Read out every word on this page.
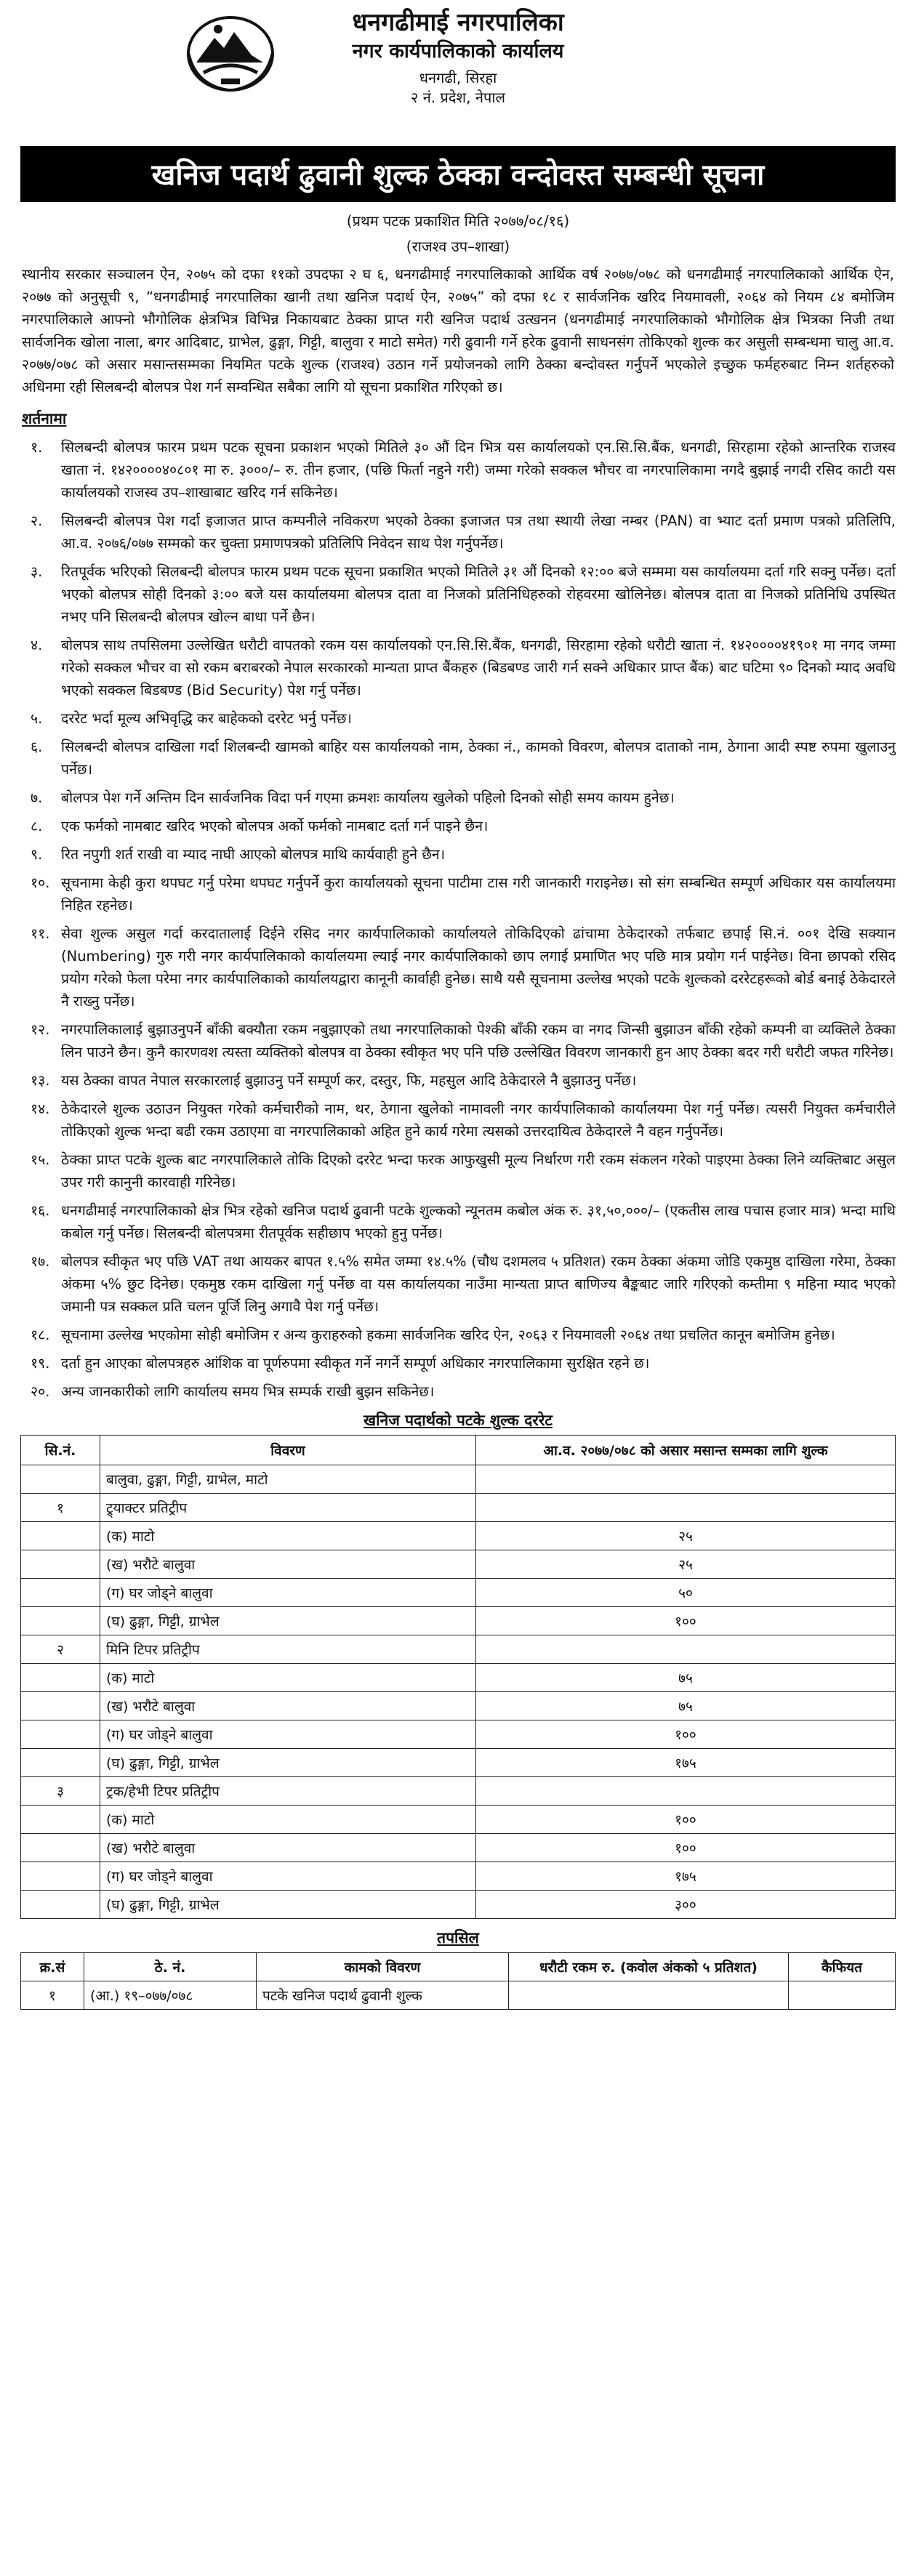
धनगढीमाई नगरपालिका
नगर कार्यपालिकाको कार्यालय
धनगढी, सिरहा
२ नं. प्रदेश, नेपाल
खनिज पदार्थ ढुवानी शुल्क ठेक्का वन्दोवस्त सम्बन्धी सूचना
(प्रथम पटक प्रकाशित मिति २०७७/०८/१६)
(राजश्व उप–शाखा)

स्थानीय सरकार सञ्चालन ऐन, २०७५ को दफा ११को उपदफा २ घ ६, धनगढीमाई नगरपालिकाको आर्थिक वर्ष २०७७/०७८ को धनगढीमाई नगरपालिकाको आर्थिक ऐन, २०७७ को अनुसूची ९, “धनगढीमाई नगरपालिका खानी तथा खनिज पदार्थ ऐन, २०७५” को दफा १८ र सार्वजनिक खरिद नियमावली, २०६४ को नियम ८४ बमोजिम नगरपालिकाले आफ्नो भौगोलिक क्षेत्रभित्र विभिन्न निकायबाट ठेक्का प्राप्त गरी खनिज पदार्थ उत्खनन (धनगढीमाई नगरपालिकाको भौगोलिक क्षेत्र भित्रका निजी तथा सार्वजनिक खोला नाला, बगर आदिबाट, ग्राभेल, ढुङ्गा, गिट्टी, बालुवा र माटो समेत) गरी ढुवानी गर्ने हरेक ढुवानी साधनसंग तोकिएको शुल्क कर असुली सम्बन्धमा चालु आ.व. २०७७/०७८ को असार मसान्तसम्मका नियमित पटके शुल्क (राजश्व) उठान गर्ने प्रयोजनको लागि ठेक्का बन्दोवस्त गर्नुपर्ने भएकोले इच्छुक फर्महरुबाट निम्न शर्तहरुको अधिनमा रही सिलबन्दी बोलपत्र पेश गर्न सम्वन्धित सबैका लागि यो सूचना प्रकाशित गरिएको छ।

शर्तनामा
१.	सिलबन्दी बोलपत्र फारम प्रथम पटक सूचना प्रकाशन भएको मितिले ३० औं दिन भित्र यस कार्यालयको एन.सि.सि.बैंक, धनगढी, सिरहामा रहेको आन्तरिक राजस्व खाता नं. १४२००००४०८०१ मा रु. ३०००/– रु. तीन हजार, (पछि फिर्ता नहुने गरी) जम्मा गरेको सक्कल भौचर वा नगरपालिकामा नगदै बुझाई नगदी रसिद काटी यस कार्यालयको राजस्व उप–शाखाबाट खरिद गर्न सकिनेछ।
२.	सिलबन्दी बोलपत्र पेश गर्दा इजाजत प्राप्त कम्पनीले नविकरण भएको ठेक्का इजाजत पत्र तथा स्थायी लेखा नम्बर (PAN) वा भ्याट दर्ता प्रमाण पत्रको प्रतिलिपि, आ.व. २०७६/०७७ सम्मको कर चुक्ता प्रमाणपत्रको प्रतिलिपि निवेदन साथ पेश गर्नुपर्नेछ।
३.	रितपूर्वक भरिएको सिलबन्दी बोलपत्र फारम प्रथम पटक सूचना प्रकाशित भएको मितिले ३१ औं दिनको १२:०० बजे सम्ममा यस कार्यालयमा दर्ता गरि सक्नु पर्नेछ। दर्ता भएको बोलपत्र सोही दिनको ३:०० बजे यस कार्यालयमा बोलपत्र दाता वा निजको प्रतिनिधिहरुको रोहवरमा खोलिनेछ। बोलपत्र दाता वा निजको प्रतिनिधि उपस्थित नभए पनि सिलबन्दी बोलपत्र खोल्न बाधा पर्ने छैन।
४.	बोलपत्र साथ तपसिलमा उल्लेखित धरौटी वापतको रकम यस कार्यालयको एन.सि.सि.बैंक, धनगढी, सिरहामा रहेको धरौटी खाता नं. १४२००००४१९०१ मा नगद जम्मा गरेको सक्कल भौचर वा सो रकम बराबरको नेपाल सरकारको मान्यता प्राप्त बैंकहरु (बिडबण्ड जारी गर्न सक्ने अधिकार प्राप्त बैंक) बाट घटिमा ९० दिनको म्याद अवधि भएको सक्कल बिडबण्ड (Bid Security) पेश गर्नु पर्नेछ।
५.	दररेट भर्दा मूल्य अभिवृद्धि कर बाहेकको दररेट भर्नु पर्नेछ।
६.	सिलबन्दी बोलपत्र दाखिला गर्दा शिलबन्दी खामको बाहिर यस कार्यालयको नाम, ठेक्का नं., कामको विवरण, बोलपत्र दाताको नाम, ठेगाना आदी स्पष्ट रुपमा खुलाउनु पर्नेछ।
७.	बोलपत्र पेश गर्ने अन्तिम दिन सार्वजनिक विदा पर्न गएमा क्रमशः कार्यालय खुलेको पहिलो दिनको सोही समय कायम हुनेछ।
८.	एक फर्मको नामबाट खरिद भएको बोलपत्र अर्को फर्मको नामबाट दर्ता गर्न पाइने छैन।
९.	रित नपुगी शर्त राखी वा म्याद नाघी आएको बोलपत्र माथि कार्यवाही हुने छैन।
१०. सूचनामा केही कुरा थपघट गर्नु परेमा थपघट गर्नुपर्ने कुरा कार्यालयको सूचना पाटीमा टास गरी जानकारी गराइनेछ। सो संग सम्बन्धित सम्पूर्ण अधिकार यस कार्यालयमा निहित रहनेछ।
११. सेवा शुल्क असुल गर्दा करदातालाई दिईने रसिद नगर कार्यपालिकाको कार्यालयले तोकिदिएको ढांचामा ठेकेदारको तर्फबाट छपाई सि.नं. ००१ देखि सक्यान (Numbering) गुरु गरी नगर कार्यपालिकाको कार्यालयमा ल्याई नगर कार्यपालिकाको छाप लगाई प्रमाणित भए पछि मात्र प्रयोग गर्न पाईनेछ। विना छापको रसिद प्रयोग गरेको फेला परेमा नगर कार्यपालिकाको कार्यालयद्वारा कानूनी कार्वाही हुनेछ। साथै यसै सूचनामा उल्लेख भएको पटके शुल्कको दररेटहरूको बोर्ड बनाई ठेकेदारले नै राख्नु पर्नेछ।
१२. नगरपालिकालाई बुझाउनुपर्ने बाँकी बक्यौता रकम नबुझाएको तथा नगरपालिकाको पेश्की बाँकी रकम वा नगद जिन्सी बुझाउन बाँकी रहेको कम्पनी वा व्यक्तिले ठेक्का लिन पाउने छैन। कुनै कारणवश त्यस्ता व्यक्तिको बोलपत्र वा ठेक्का स्वीकृत भए पनि पछि उल्लेखित विवरण जानकारी हुन आए ठेक्का बदर गरी धरौटी जफत गरिनेछ।
१३. यस ठेक्का वापत नेपाल सरकारलाई बुझाउनु पर्ने सम्पूर्ण कर, दस्तुर, फि, महसुल आदि ठेकेदारले नै बुझाउनु पर्नेछ।
१४. ठेकेदारले शुल्क उठाउन नियुक्त गरेको कर्मचारीको नाम, थर, ठेगाना खुलेको नामावली नगर कार्यपालिकाको कार्यालयमा पेश गर्नु पर्नेछ। त्यसरी नियुक्त कर्मचारीले तोकिएको शुल्क भन्दा बढी रकम उठाएमा वा नगरपालिकाको अहित हुने कार्य गरेमा त्यसको उत्तरदायित्व ठेकेदारले नै वहन गर्नुपर्नेछ।
१५. ठेक्का प्राप्त पटके शुल्क बाट नगरपालिकाले तोकि दिएको दररेट भन्दा फरक आफुखुसी मूल्य निर्धारण गरी रकम संकलन गरेको पाइएमा ठेक्का लिने व्यक्तिबाट असुल उपर गरी कानुनी कारवाही गरिनेछ।
१६. धनगढीमाई नगरपालिकाको क्षेत्र भित्र रहेको खनिज पदार्थ ढुवानी पटके शुल्कको न्यूनतम कबोल अंक रु. ३१,५०,०००/– (एकतीस लाख पचास हजार मात्र) भन्दा माथि कबोल गर्नु पर्नेछ। सिलबन्दी बोलपत्रमा रीतपूर्वक सहीछाप भएको हुनु पर्नेछ।
१७. बोलपत्र स्वीकृत भए पछि VAT तथा आयकर बापत १.५% समेत जम्मा १४.५% (चौध दशमलव ५ प्रतिशत) रकम ठेक्का अंकमा जोडि एकमुष्ठ दाखिला गरेमा, ठेक्का अंकमा ५% छुट दिनेछ। एकमुष्ठ रकम दाखिला गर्नु पर्नेछ वा यस कार्यालयका नाउँमा मान्यता प्राप्त बाणिज्य बैङ्कबाट जारि गरिएको कम्तीमा ९ महिना म्याद भएको जमानी पत्र सक्कल प्रति चलन पूर्जि लिनु अगावै पेश गर्नु पर्नेछ।
१८. सूचनामा उल्लेख भएकोमा सोही बमोजिम र अन्य कुराहरुको हकमा सार्वजनिक खरिद ऐन, २०६३ र नियमावली २०६४ तथा प्रचलित कानून बमोजिम हुनेछ।
१९. दर्ता हुन आएका बोलपत्रहरु आंशिक वा पूर्णरुपमा स्वीकृत गर्ने नगर्ने सम्पूर्ण अधिकार नगरपालिकामा सुरक्षित रहने छ।
२०. अन्य जानकारीको लागि कार्यालय समय भित्र सम्पर्क राखी बुझन सकिनेछ।
खनिज पदार्थको पटके शुल्क दररेट
सि.नं.	विवरण	आ.व. २०७७/०७८ को असार मसान्त सम्मका लागि शुल्क
	बालुवा, ढुङ्गा, गिट्टी, ग्राभेल, माटो	
१	ट्र्याक्टर प्रतिट्रीप	
	(क) माटो	२५
	(ख) भरौटे बालुवा	२५
	(ग) घर जोड्ने बालुवा	५०
	(घ) ढुङ्गा, गिट्टी, ग्राभेल	१००
२	मिनि टिपर प्रतिट्रीप	
	(क) माटो	७५
	(ख) भरौटे बालुवा	७५
	(ग) घर जोड्ने बालुवा	१००
	(घ) ढुङ्गा, गिट्टी, ग्राभेल	१७५
३	ट्रक/हेभी टिपर प्रतिट्रीप	
	(क) माटो	१००
	(ख) भरौटे बालुवा	१००
	(ग) घर जोड्ने बालुवा	१७५
	(घ) ढुङ्गा, गिट्टी, ग्राभेल	३००
तपसिल
क्र.सं	ठे. नं.	कामको विवरण	धरौटी रकम रु. (कवोल अंकको ५ प्रतिशत)	कैफियत
१	(आ.) १९–०७७/०७८	पटके खनिज पदार्थ ढुवानी शुल्क		
